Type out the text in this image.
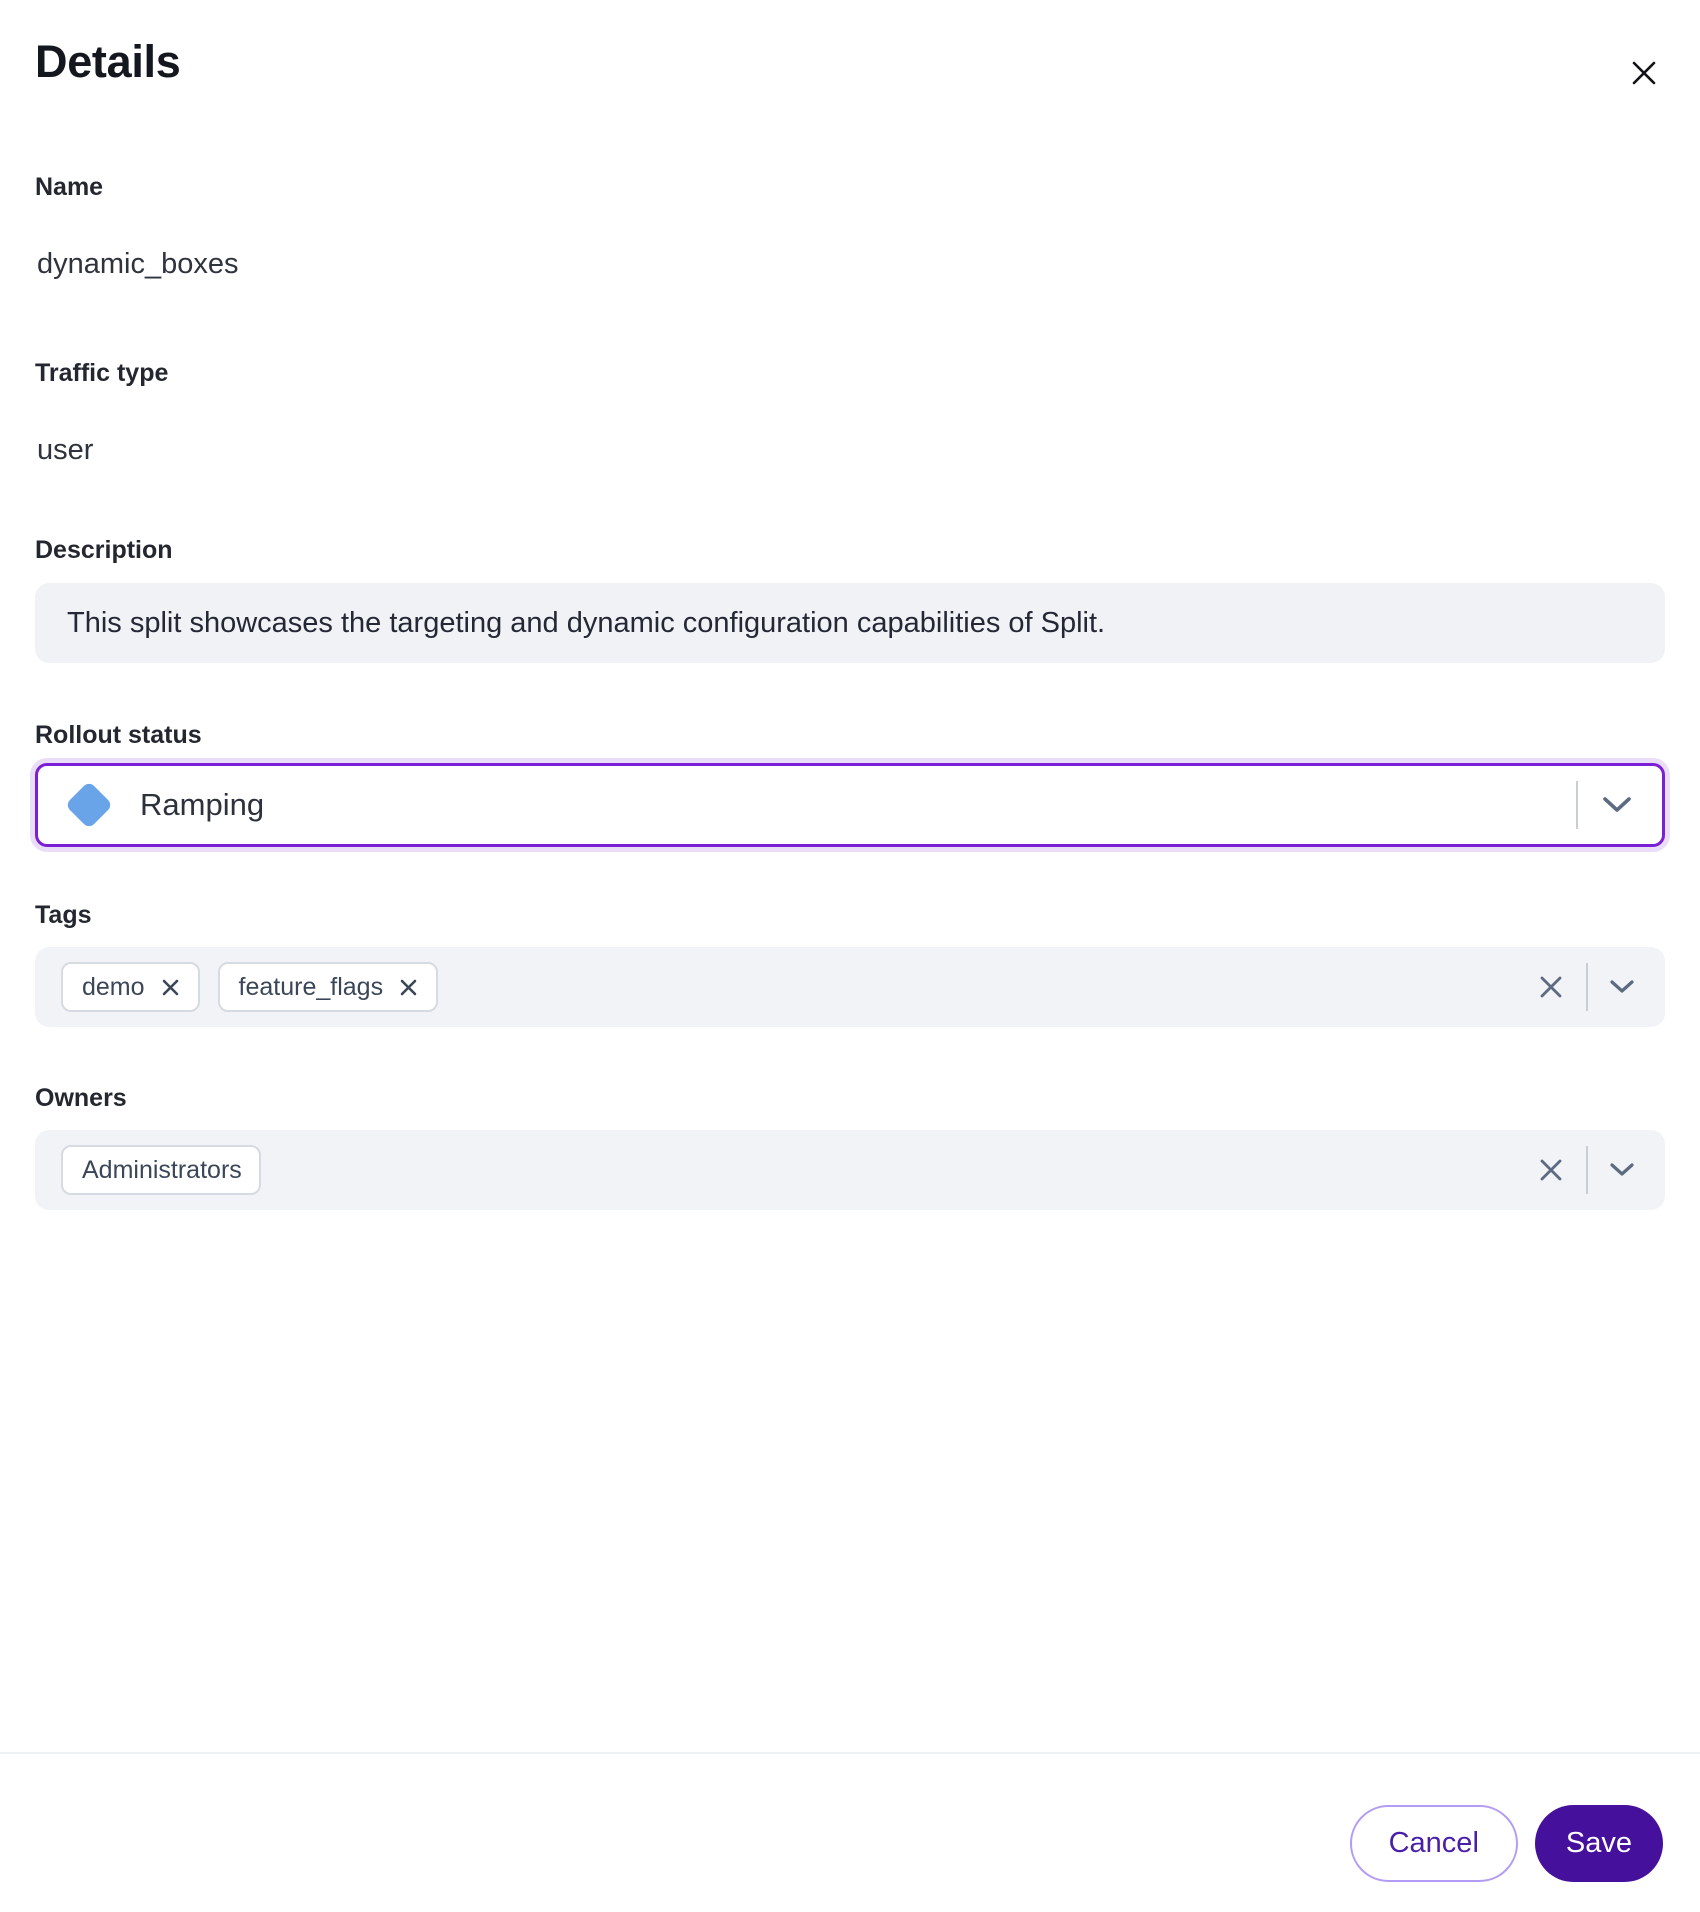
Details
Name
dynamic_boxes
Traffic type
user
Description
This split showcases the targeting and dynamic configuration capabilities of Split.
Rollout status
Ramping
Tags
demo	feature_flags
Owners
Administrators
Cancel	Save
